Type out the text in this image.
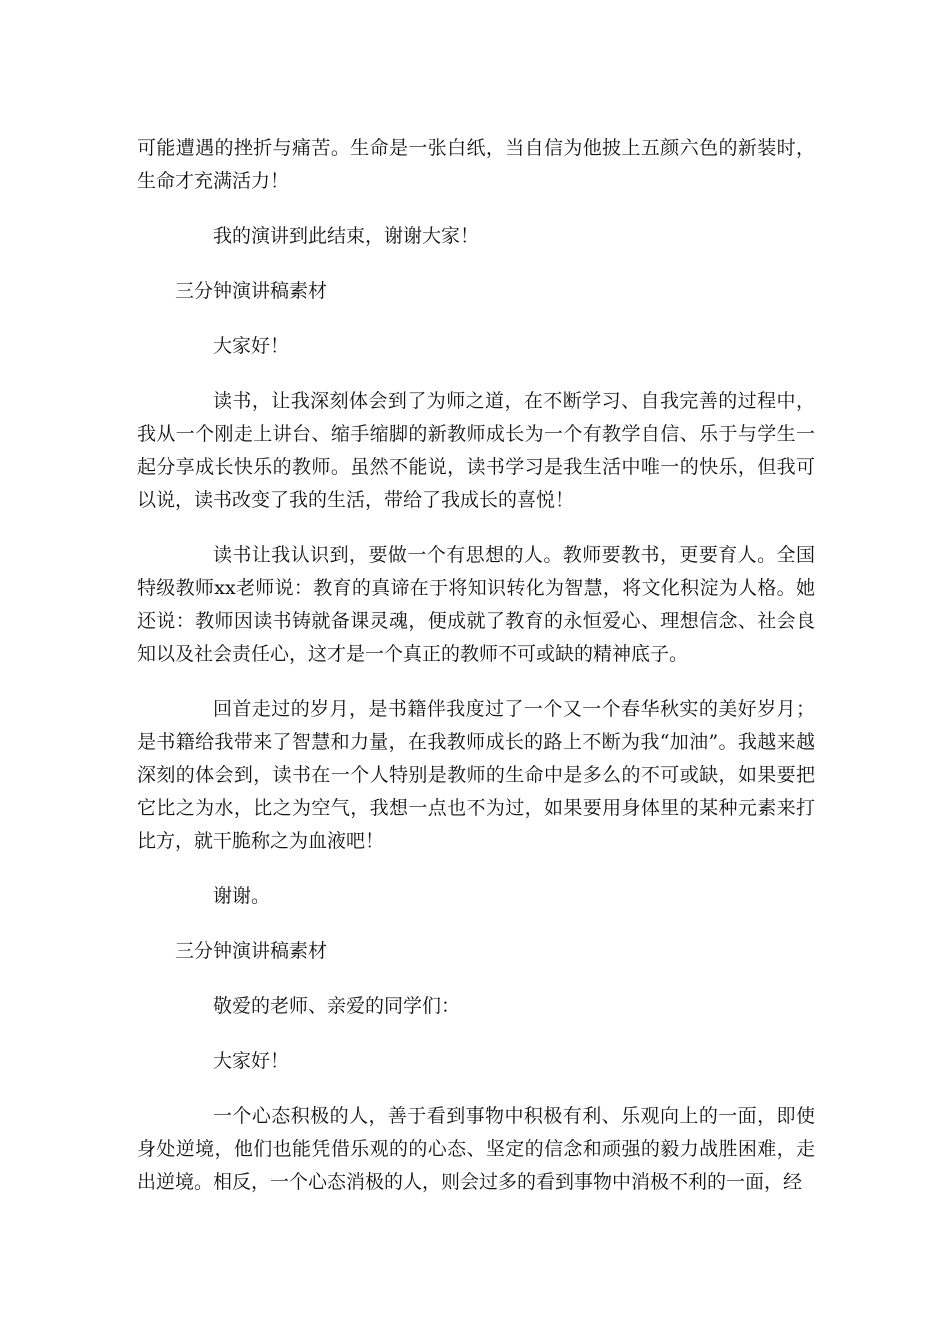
可能遭遇的挫折与痛苦。生命是一张白纸，当自信为他披上五颜六色的新装时，生命才充满活力！

我的演讲到此结束，谢谢大家！

三分钟演讲稿素材

大家好！

读书，让我深刻体会到了为师之道，在不断学习、自我完善的过程中，我从一个刚走上讲台、缩手缩脚的新教师成长为一个有教学自信、乐于与学生一起分享成长快乐的教师。虽然不能说，读书学习是我生活中唯一的快乐，但我可以说，读书改变了我的生活，带给了我成长的喜悦！

读书让我认识到，要做一个有思想的人。教师要教书，更要育人。全国特级教师xx老师说：教育的真谛在于将知识转化为智慧，将文化积淀为人格。她还说：教师因读书铸就备课灵魂，便成就了教育的永恒爱心、理想信念、社会良知以及社会责任心，这才是一个真正的教师不可或缺的精神底子。

回首走过的岁月，是书籍伴我度过了一个又一个春华秋实的美好岁月；是书籍给我带来了智慧和力量，在我教师成长的路上不断为我“加油”。我越来越深刻的体会到，读书在一个人特别是教师的生命中是多么的不可或缺，如果要把它比之为水，比之为空气，我想一点也不为过，如果要用身体里的某种元素来打比方，就干脆称之为血液吧！

谢谢。

三分钟演讲稿素材

敬爱的老师、亲爱的同学们：

大家好！

一个心态积极的人，善于看到事物中积极有利、乐观向上的一面，即使身处逆境，他们也能凭借乐观的的心态、坚定的信念和顽强的毅力战胜困难，走出逆境。相反，一个心态消极的人，则会过多的看到事物中消极不利的一面，经
